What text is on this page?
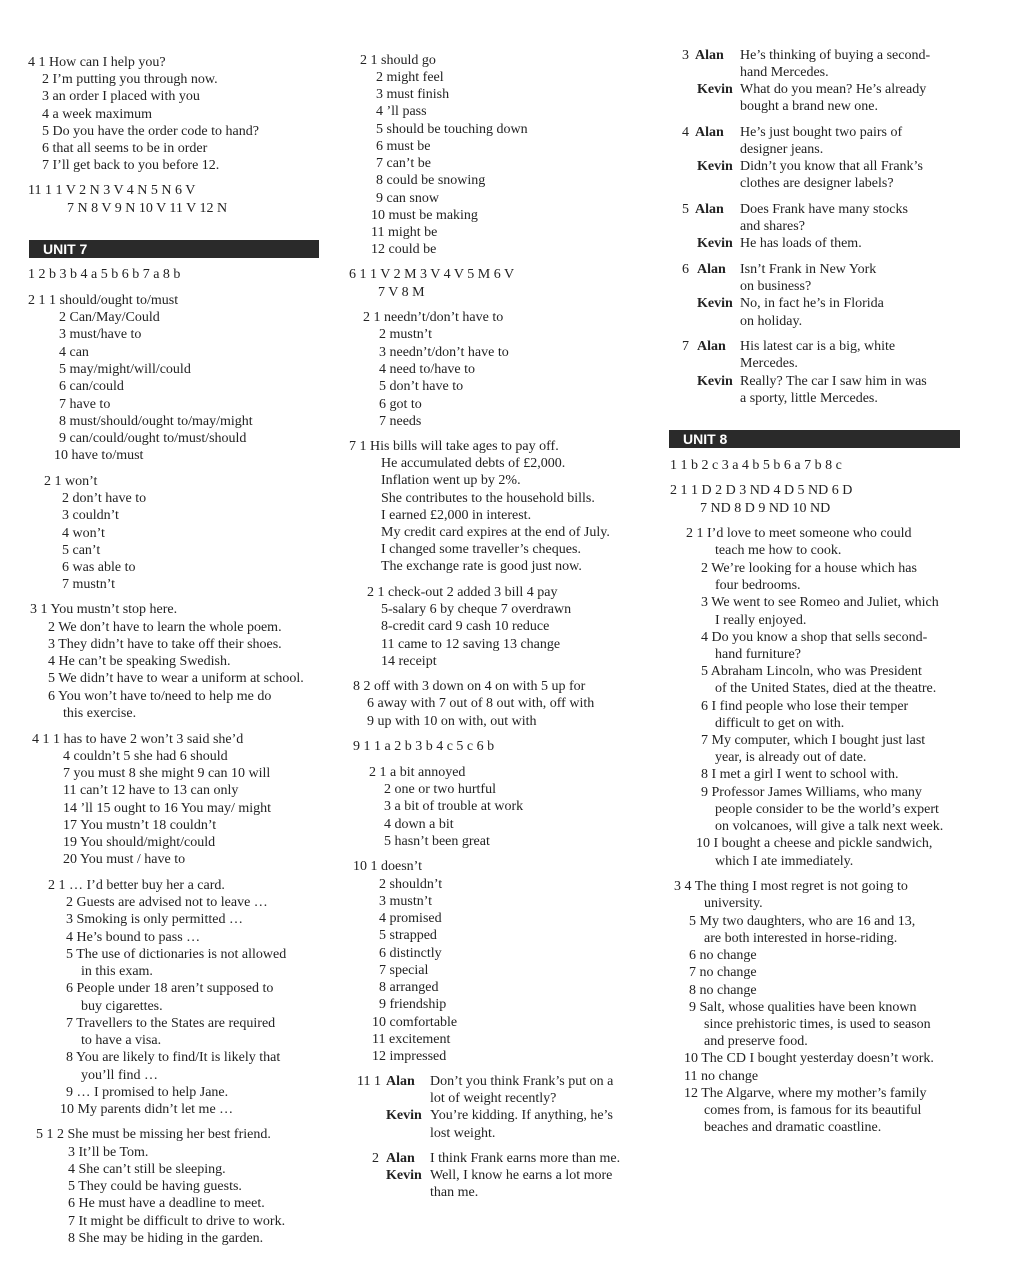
UNIT 7
UNIT 8
4 1 How can I help you?
2 I’m putting you through now.
3 an order I placed with you
4 a week maximum
5 Do you have the order code to hand?
6 that all seems to be in order
7 I’ll get back to you before 12.
11 1 1 V 2 N 3 V 4 N 5 N 6 V
7 N 8 V 9 N 10 V 11 V 12 N
1 2 b 3 b 4 a 5 b 6 b 7 a 8 b
2 1 1 should/ought to/must
2 Can/May/Could
3 must/have to
4 can
5 may/might/will/could
6 can/could
7 have to
8 must/should/ought to/may/might
9 can/could/ought to/must/should
10 have to/must
2 1 won’t
2 don’t have to
3 couldn’t
4 won’t
5 can’t
6 was able to
7 mustn’t
3 1 You mustn’t stop here.
2 We don’t have to learn the whole poem.
3 They didn’t have to take off their shoes.
4 He can’t be speaking Swedish.
5 We didn’t have to wear a uniform at school.
6 You won’t have to/need to help me do
this exercise.
4 1 1 has to have 2 won’t 3 said she’d
4 couldn’t 5 she had 6 should
7 you must 8 she might 9 can 10 will
11 can’t 12 have to 13 can only
14 ’ll 15 ought to 16 You may/ might
17 You mustn’t 18 couldn’t
19 You should/might/could
20 You must / have to
2 1 … I’d better buy her a card.
2 Guests are advised not to leave …
3 Smoking is only permitted …
4 He’s bound to pass …
5 The use of dictionaries is not allowed
in this exam.
6 People under 18 aren’t supposed to
buy cigarettes.
7 Travellers to the States are required
to have a visa.
8 You are likely to find/It is likely that
you’ll find …
9 … I promised to help Jane.
10 My parents didn’t let me …
5 1 2 She must be missing her best friend.
3 It’ll be Tom.
4 She can’t still be sleeping.
5 They could be having guests.
6 He must have a deadline to meet.
7 It might be difficult to drive to work.
8 She may be hiding in the garden.
2 1 should go
2 might feel
3 must finish
4 ’ll pass
5 should be touching down
6 must be
7 can’t be
8 could be snowing
9 can snow
10 must be making
11 might be
12 could be
6 1 1 V 2 M 3 V 4 V 5 M 6 V
7 V 8 M
2 1 needn’t/don’t have to
2 mustn’t
3 needn’t/don’t have to
4 need to/have to
5 don’t have to
6 got to
7 needs
7 1 His bills will take ages to pay off.
He accumulated debts of £2,000.
Inflation went up by 2%.
She contributes to the household bills.
I earned £2,000 in interest.
My credit card expires at the end of July.
I changed some traveller’s cheques.
The exchange rate is good just now.
2 1 check-out 2 added 3 bill 4 pay
5-salary 6 by cheque 7 overdrawn
8-credit card 9 cash 10 reduce
11 came to 12 saving 13 change
14 receipt
8 2 off with 3 down on 4 on with 5 up for
6 away with 7 out of 8 out with, off with
9 up with 10 on with, out with
9 1 1 a 2 b 3 b 4 c 5 c 6 b
2 1 a bit annoyed
2 one or two hurtful
3 a bit of trouble at work
4 down a bit
5 hasn’t been great
10 1 doesn’t
2 shouldn’t
3 mustn’t
4 promised
5 strapped
6 distinctly
7 special
8 arranged
9 friendship
10 comfortable
11 excitement
12 impressed
11 1 Alan Don’t you think Frank’s put on a
lot of weight recently?
Kevin You’re kidding. If anything, he’s
lost weight.
2 Alan I think Frank earns more than me.
Kevin Well, I know he earns a lot more
than me.
3 Alan He’s thinking of buying a second-
hand Mercedes.
Kevin What do you mean? He’s already
bought a brand new one.
4 Alan He’s just bought two pairs of
designer jeans.
Kevin Didn’t you know that all Frank’s
clothes are designer labels?
5 Alan Does Frank have many stocks
and shares?
Kevin He has loads of them.
6 Alan Isn’t Frank in New York
on business?
Kevin No, in fact he’s in Florida
on holiday.
7 Alan His latest car is a big, white
Mercedes.
Kevin Really? The car I saw him in was
a sporty, little Mercedes.
1 1 b 2 c 3 a 4 b 5 b 6 a 7 b 8 c
2 1 1 D 2 D 3 ND 4 D 5 ND 6 D
7 ND 8 D 9 ND 10 ND
2 1 I’d love to meet someone who could
teach me how to cook.
2 We’re looking for a house which has
four bedrooms.
3 We went to see Romeo and Juliet, which
I really enjoyed.
4 Do you know a shop that sells second-
hand furniture?
5 Abraham Lincoln, who was President
of the United States, died at the theatre.
6 I find people who lose their temper
difficult to get on with.
7 My computer, which I bought just last
year, is already out of date.
8 I met a girl I went to school with.
9 Professor James Williams, who many
people consider to be the world’s expert
on volcanoes, will give a talk next week.
10 I bought a cheese and pickle sandwich,
which I ate immediately.
3 4 The thing I most regret is not going to
university.
5 My two daughters, who are 16 and 13,
are both interested in horse-riding.
6 no change
7 no change
8 no change
9 Salt, whose qualities have been known
since prehistoric times, is used to season
and preserve food.
10 The CD I bought yesterday doesn’t work.
11 no change
12 The Algarve, where my mother’s family
comes from, is famous for its beautiful
beaches and dramatic coastline.
